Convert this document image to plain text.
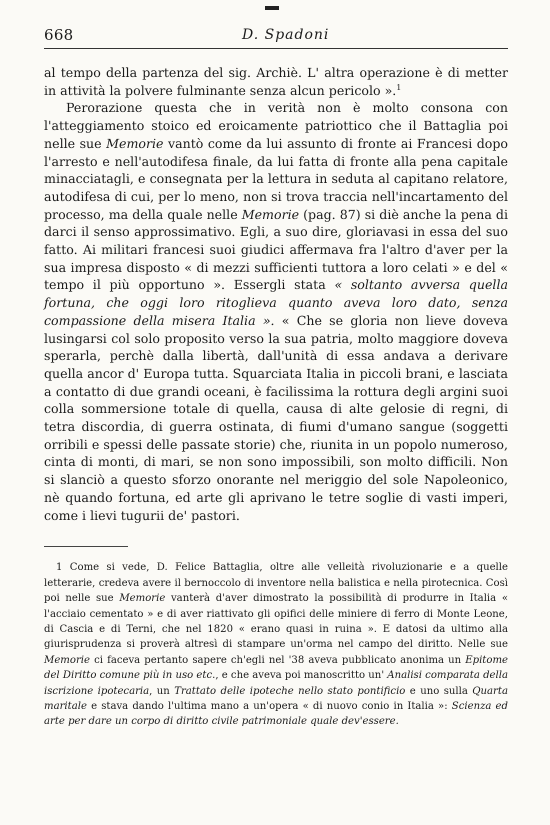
668	D. Spadoni

al tempo della partenza del sig. Archiè. L' altra operazione è di metter in attività la polvere fulminante senza alcun pericolo ».$^1$

Perorazione questa che in verità non è molto consona con l'atteggiamento stoico ed eroicamente patriottico che il Battaglia poi nelle sue Memorie vantò come da lui assunto di fronte ai Francesi dopo l'arresto e nell'autodifesa finale, da lui fatta di fronte alla pena capitale minacciatagli, e consegnata per la lettura in seduta al capitano relatore, autodifesa di cui, per lo meno, non si trova traccia nell'incartamento del processo, ma della quale nelle Memorie (pag. 87) si diè anche la pena di darci il senso approssimativo. Egli, a suo dire, gloriavasi in essa del suo fatto. Ai militari francesi suoi giudici affermava fra l'altro d'aver per la sua impresa disposto « di mezzi sufficienti tuttora a loro celati » e del « tempo il più opportuno ». Essergli stata « soltanto avversa quella fortuna, che oggi loro ritoglieva quanto aveva loro dato, senza compassione della misera Italia ». « Che se gloria non lieve doveva lusingarsi col solo proposito verso la sua patria, molto maggiore doveva sperarla, perchè dalla libertà, dall'unità di essa andava a derivare quella ancor d' Europa tutta. Squarciata Italia in piccoli brani, e lasciata a contatto di due grandi oceani, è facilissima la rottura degli argini suoi colla sommersione totale di quella, causa di alte gelosie di regni, di tetra discordia, di guerra ostinata, di fiumi d'umano sangue (soggetti orribili e spessi delle passate storie) che, riunita in un popolo numeroso, cinta di monti, di mari, se non sono impossibili, son molto difficili. Non si slanciò a questo sforzo onorante nel meriggio del sole Napoleonico, nè quando fortuna, ed arte gli aprivano le tetre soglie di vasti imperi, come i lievi tugurii de' pastori.

1 Come si vede, D. Felice Battaglia, oltre alle velleità rivoluzionarie e a quelle letterarie, credeva avere il bernoccolo di inventore nella balistica e nella pirotecnica. Così poi nelle sue Memorie vanterà d'aver dimostrato la possibilità di produrre in Italia « l'acciaio cementato » e di aver riattivato gli opifici delle miniere di ferro di Monte Leone, di Cascia e di Terni, che nel 1820 « erano quasi in ruina ». E datosi da ultimo alla giurisprudenza si proverà altresì di stampare un'orma nel campo del diritto. Nelle sue Memorie ci faceva pertanto sapere ch'egli nel '38 aveva pubblicato anonima un Epitome del Diritto comune più in uso etc., e che aveva poi manoscritto un' Analisi comparata della iscrizione ipotecaria, un Trattato delle ipoteche nello stato pontificio e uno sulla Quarta maritale e stava dando l'ultima mano a un'opera « di nuovo conio in Italia »: Scienza ed arte per dare un corpo di diritto civile patrimoniale quale dev'essere.
